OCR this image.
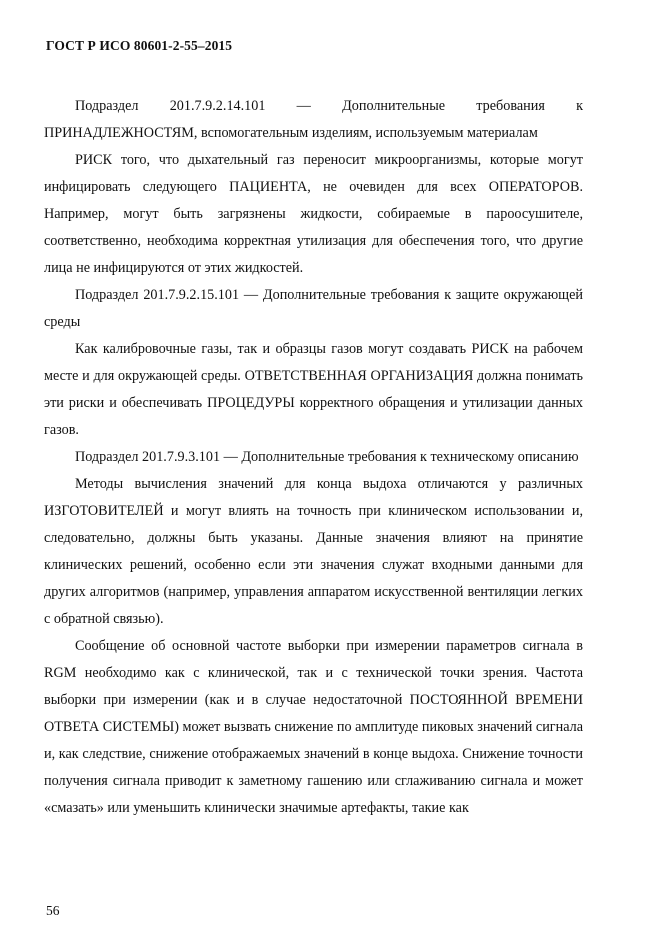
ГОСТ Р ИСО 80601-2-55–2015

Подраздел 201.7.9.2.14.101 — Дополнительные требования к ПРИНАДЛЕЖНОСТЯМ, вспомогательным изделиям, используемым материалам

РИСК того, что дыхательный газ переносит микроорганизмы, которые могут инфицировать следующего ПАЦИЕНТА, не очевиден для всех ОПЕРАТОРОВ. Например, могут быть загрязнены жидкости, собираемые в пароосушителе, соответственно, необходима корректная утилизация для обеспечения того, что другие лица не инфицируются от этих жидкостей.

Подраздел 201.7.9.2.15.101 — Дополнительные требования к защите окружающей среды

Как калибровочные газы, так и образцы газов могут создавать РИСК на рабочем месте и для окружающей среды. ОТВЕТСТВЕННАЯ ОРГАНИЗАЦИЯ должна понимать эти риски и обеспечивать ПРОЦЕДУРЫ корректного обращения и утилизации данных газов.

Подраздел 201.7.9.3.101 — Дополнительные требования к техническому описанию

Методы вычисления значений для конца выдоха отличаются у различных ИЗГОТОВИТЕЛЕЙ и могут влиять на точность при клиническом использовании и, следовательно, должны быть указаны. Данные значения влияют на принятие клинических решений, особенно если эти значения служат входными данными для других алгоритмов (например, управления аппаратом искусственной вентиляции легких с обратной связью).

Сообщение об основной частоте выборки при измерении параметров сигнала в RGM необходимо как с клинической, так и с технической точки зрения. Частота выборки при измерении (как и в случае недостаточной ПОСТОЯННОЙ ВРЕМЕНИ ОТВЕТА СИСТЕМЫ) может вызвать снижение по амплитуде пиковых значений сигнала и, как следствие, снижение отображаемых значений в конце выдоха. Снижение точности получения сигнала приводит к заметному гашению или сглаживанию сигнала и может «смазать» или уменьшить клинически значимые артефакты, такие как

56
